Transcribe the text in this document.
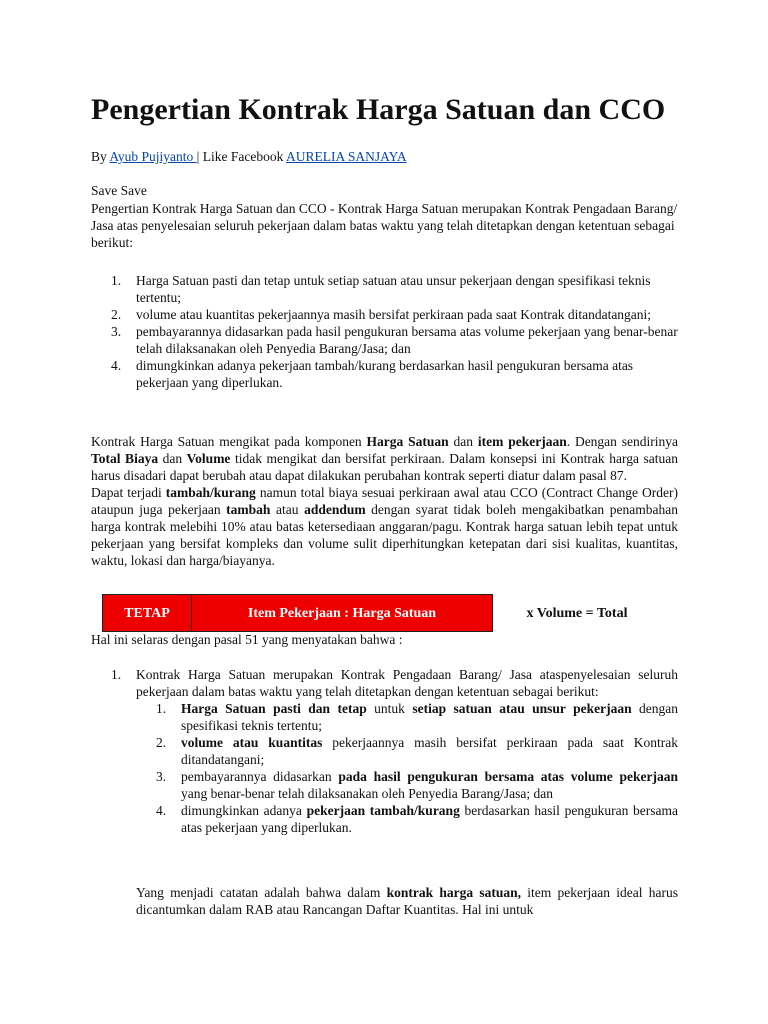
Pengertian Kontrak Harga Satuan dan CCO
By Ayub Pujiyanto | Like Facebook AURELIA SANJAYA
Save Save
Pengertian Kontrak Harga Satuan dan CCO - Kontrak Harga Satuan merupakan Kontrak Pengadaan Barang/ Jasa atas penyelesaian seluruh pekerjaan dalam batas waktu yang telah ditetapkan dengan ketentuan sebagai berikut:
1. Harga Satuan pasti dan tetap untuk setiap satuan atau unsur pekerjaan dengan spesifikasi teknis tertentu;
2. volume atau kuantitas pekerjaannya masih bersifat perkiraan pada saat Kontrak ditandatangani;
3. pembayarannya didasarkan pada hasil pengukuran bersama atas volume pekerjaan yang benar-benar telah dilaksanakan oleh Penyedia Barang/Jasa; dan
4. dimungkinkan adanya pekerjaan tambah/kurang berdasarkan hasil pengukuran bersama atas pekerjaan yang diperlukan.
Kontrak Harga Satuan mengikat pada komponen Harga Satuan dan item pekerjaan. Dengan sendirinya Total Biaya dan Volume tidak mengikat dan bersifat perkiraan. Dalam konsepsi ini Kontrak harga satuan harus disadari dapat berubah atau dapat dilakukan perubahan kontrak seperti diatur dalam pasal 87.
Dapat terjadi tambah/kurang namun total biaya sesuai perkiraan awal atau CCO (Contract Change Order) ataupun juga pekerjaan tambah atau addendum dengan syarat tidak boleh mengakibatkan penambahan harga kontrak melebihi 10% atau batas ketersediaan anggaran/pagu. Kontrak harga satuan lebih tepat untuk pekerjaan yang bersifat kompleks dan volume sulit diperhitungkan ketepatan dari sisi kualitas, kuantitas, waktu, lokasi dan harga/biayanya.
TETAP	Item Pekerjaan : Harga Satuan	x Volume = Total
Hal ini selaras dengan pasal 51 yang menyatakan bahwa :
1. Kontrak Harga Satuan merupakan Kontrak Pengadaan Barang/ Jasa ataspenyelesaian seluruh pekerjaan dalam batas waktu yang telah ditetapkan dengan ketentuan sebagai berikut:
1. Harga Satuan pasti dan tetap untuk setiap satuan atau unsur pekerjaan dengan spesifikasi teknis tertentu;
2. volume atau kuantitas pekerjaannya masih bersifat perkiraan pada saat Kontrak ditandatangani;
3. pembayarannya didasarkan pada hasil pengukuran bersama atas volume pekerjaan yang benar-benar telah dilaksanakan oleh Penyedia Barang/Jasa; dan
4. dimungkinkan adanya pekerjaan tambah/kurang berdasarkan hasil pengukuran bersama atas pekerjaan yang diperlukan.
Yang menjadi catatan adalah bahwa dalam kontrak harga satuan, item pekerjaan ideal harus dicantumkan dalam RAB atau Rancangan Daftar Kuantitas. Hal ini untuk
